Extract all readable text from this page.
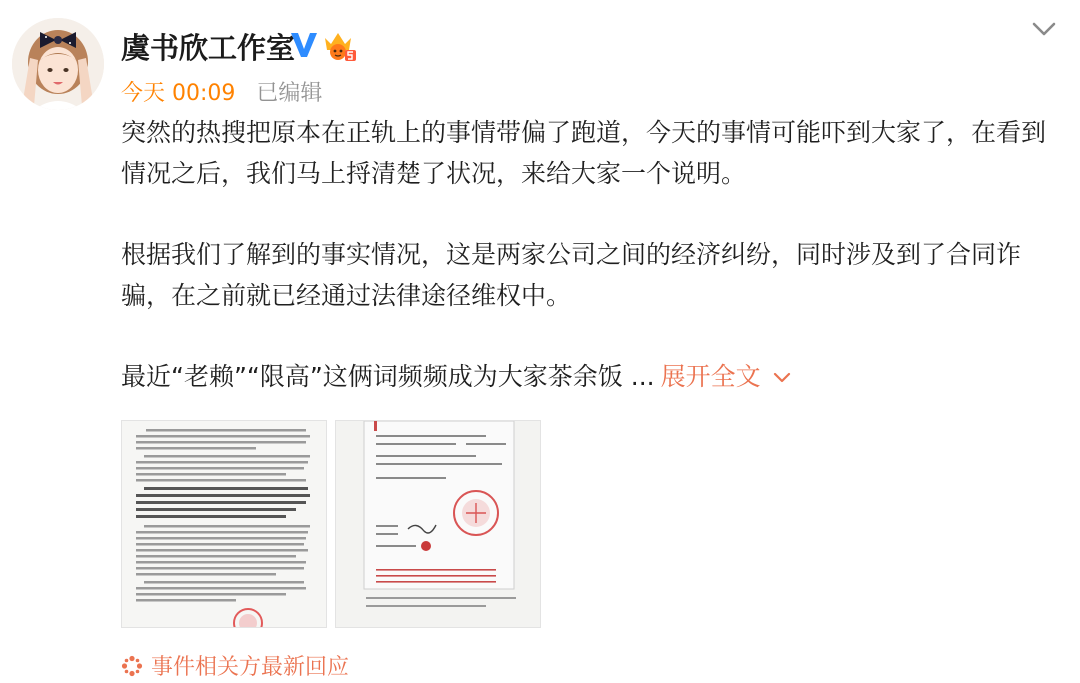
虞书欣工作室
今天 00:09 已编辑

突然的热搜把原本在正轨上的事情带偏了跑道，今天的事情可能吓到大家了，在看到情况之后，我们马上捋清楚了状况，来给大家一个说明。

根据我们了解到的事实情况，这是两家公司之间的经济纠纷，同时涉及到了合同诈骗，在之前就已经通过法律途径维权中。

最近“老赖”“限高”这俩词频频成为大家茶余饭 ... 展开全文

事件相关方最新回应
